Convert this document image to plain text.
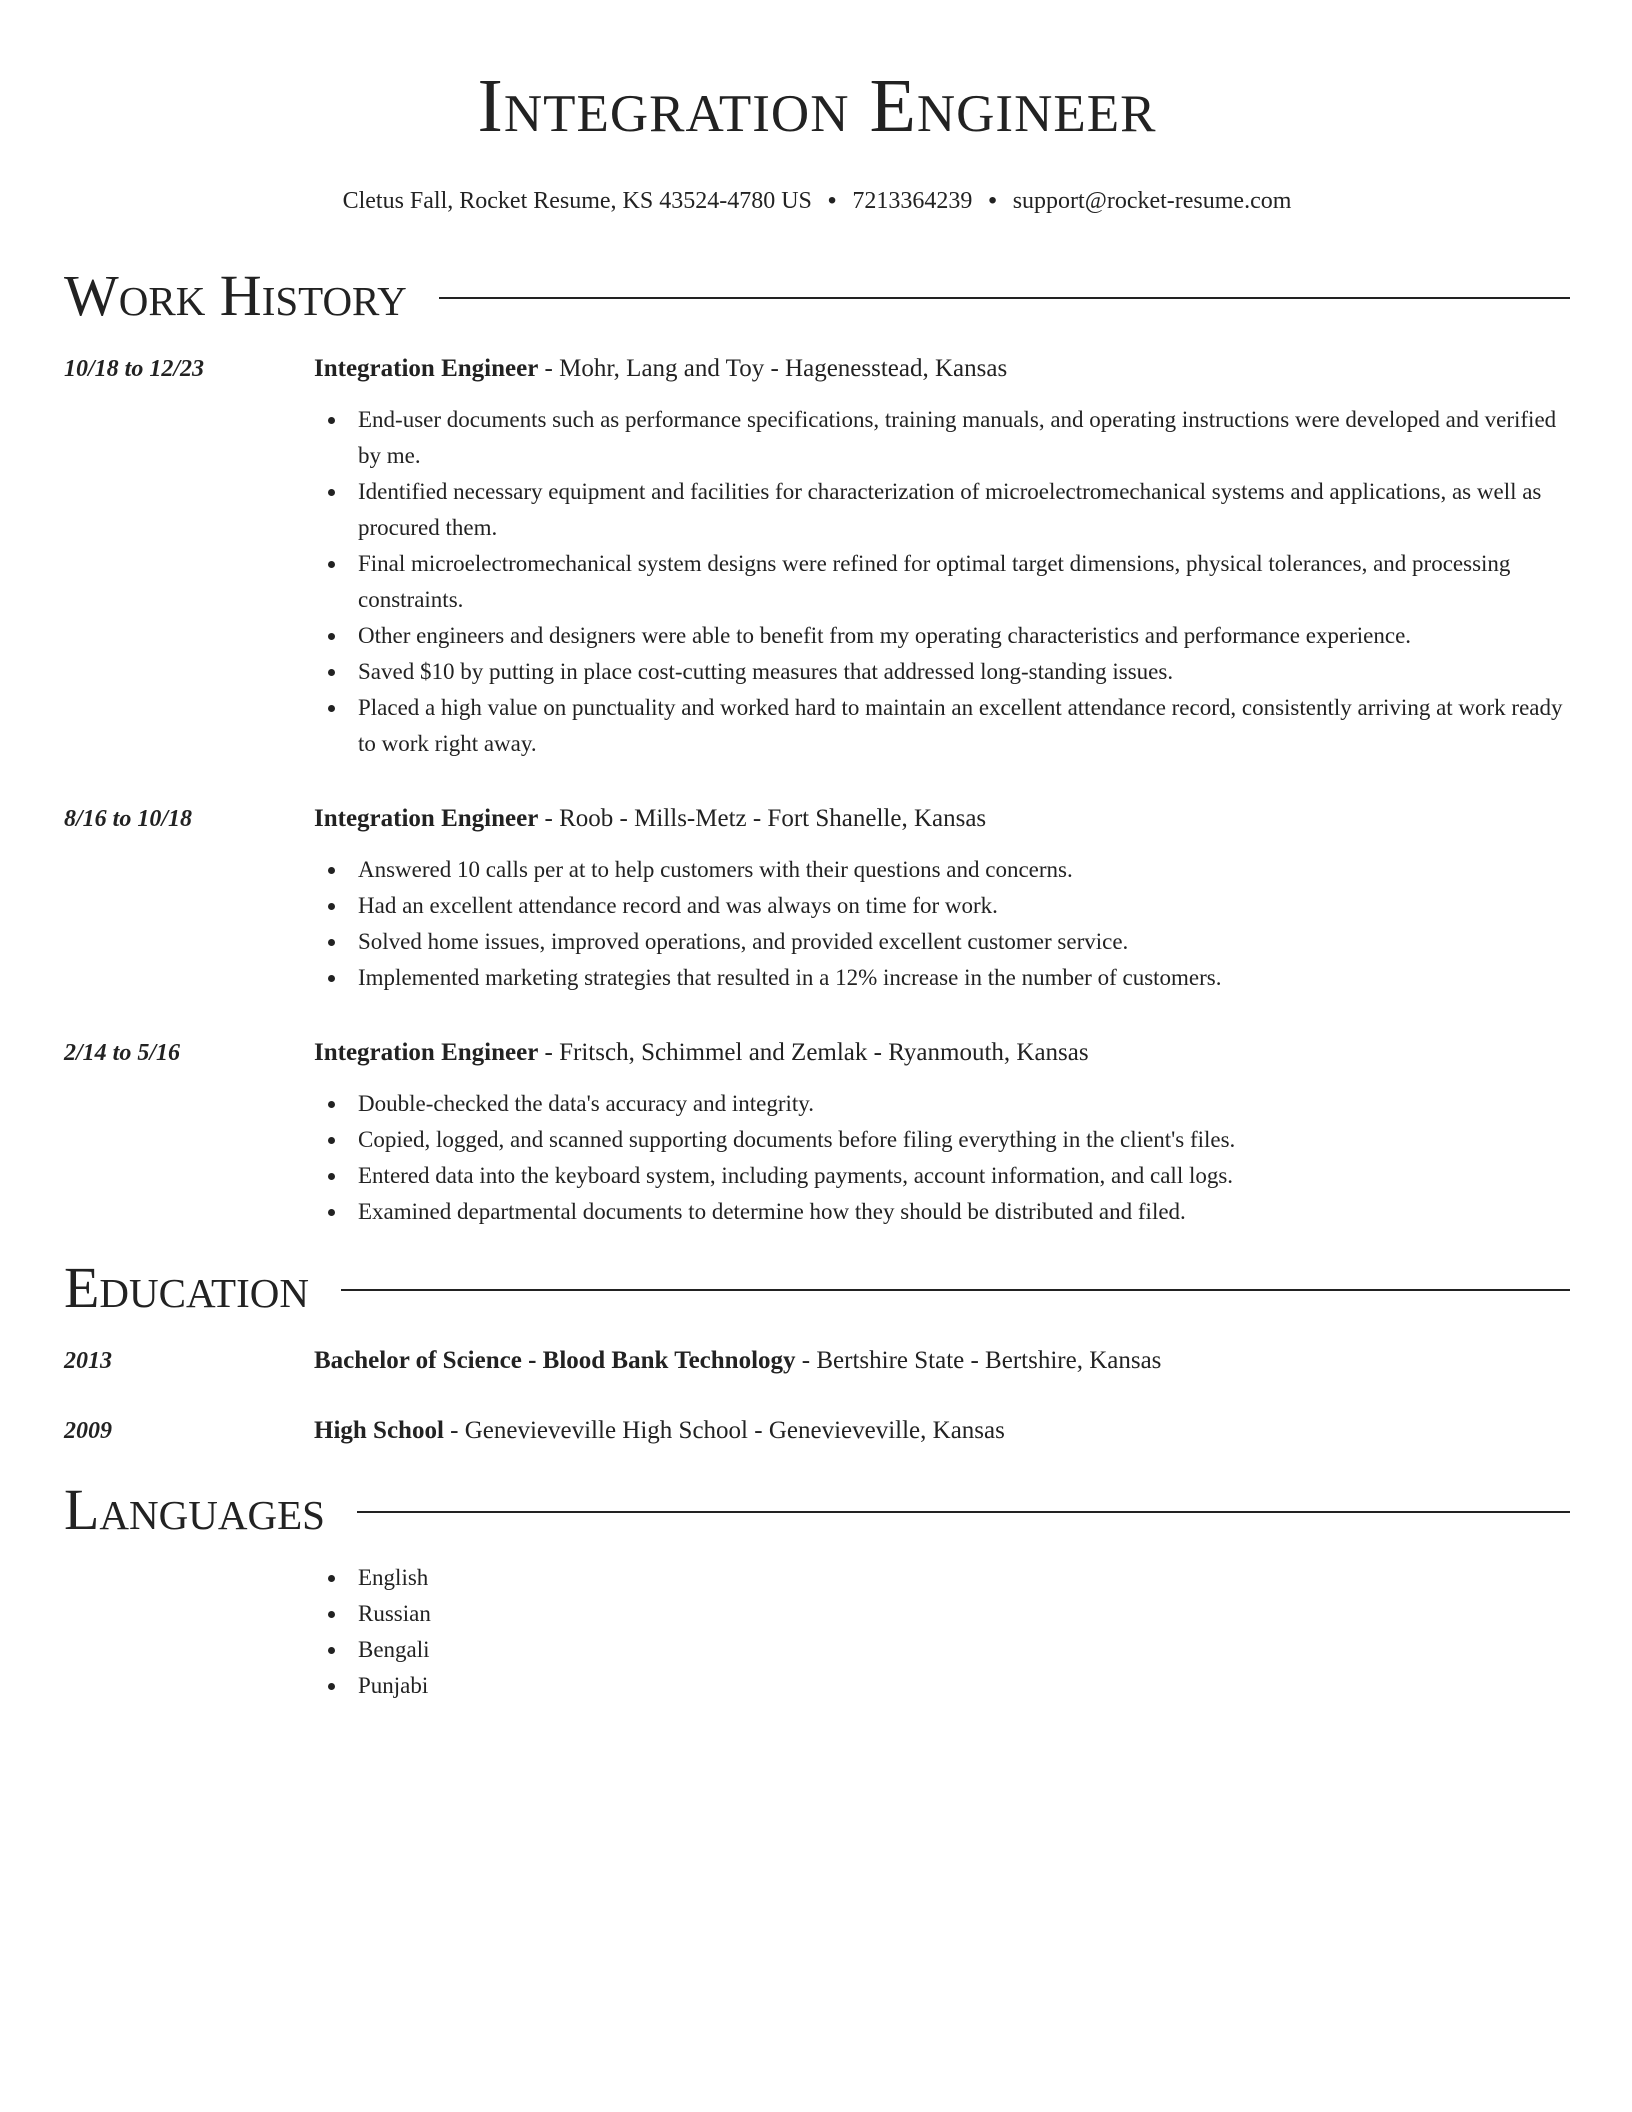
Integration Engineer
Cletus Fall, Rocket Resume, KS 43524-4780 US • 7213364239 • support@rocket-resume.com
Work History
10/18 to 12/23	Integration Engineer - Mohr, Lang and Toy - Hagenesstead, Kansas
End-user documents such as performance specifications, training manuals, and operating instructions were developed and verified by me.
Identified necessary equipment and facilities for characterization of microelectromechanical systems and applications, as well as procured them.
Final microelectromechanical system designs were refined for optimal target dimensions, physical tolerances, and processing constraints.
Other engineers and designers were able to benefit from my operating characteristics and performance experience.
Saved $10 by putting in place cost-cutting measures that addressed long-standing issues.
Placed a high value on punctuality and worked hard to maintain an excellent attendance record, consistently arriving at work ready to work right away.
8/16 to 10/18	Integration Engineer - Roob - Mills-Metz - Fort Shanelle, Kansas
Answered 10 calls per at to help customers with their questions and concerns.
Had an excellent attendance record and was always on time for work.
Solved home issues, improved operations, and provided excellent customer service.
Implemented marketing strategies that resulted in a 12% increase in the number of customers.
2/14 to 5/16	Integration Engineer - Fritsch, Schimmel and Zemlak - Ryanmouth, Kansas
Double-checked the data's accuracy and integrity.
Copied, logged, and scanned supporting documents before filing everything in the client's files.
Entered data into the keyboard system, including payments, account information, and call logs.
Examined departmental documents to determine how they should be distributed and filed.
Education
2013	Bachelor of Science - Blood Bank Technology - Bertshire State - Bertshire, Kansas
2009	High School - Genevieveville High School - Genevieveville, Kansas
Languages
English
Russian
Bengali
Punjabi
